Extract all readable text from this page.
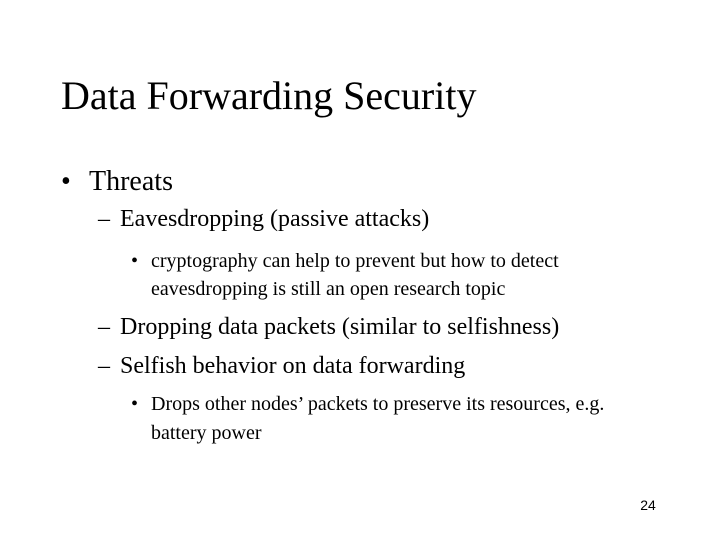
Data Forwarding Security
• Threats
– Eavesdropping (passive attacks)
• cryptography can help to prevent but how to detect
eavesdropping is still an open research topic
– Dropping data packets (similar to selfishness)
– Selfish behavior on data forwarding
• Drops other nodes’ packets to preserve its resources, e.g.
battery power
24
